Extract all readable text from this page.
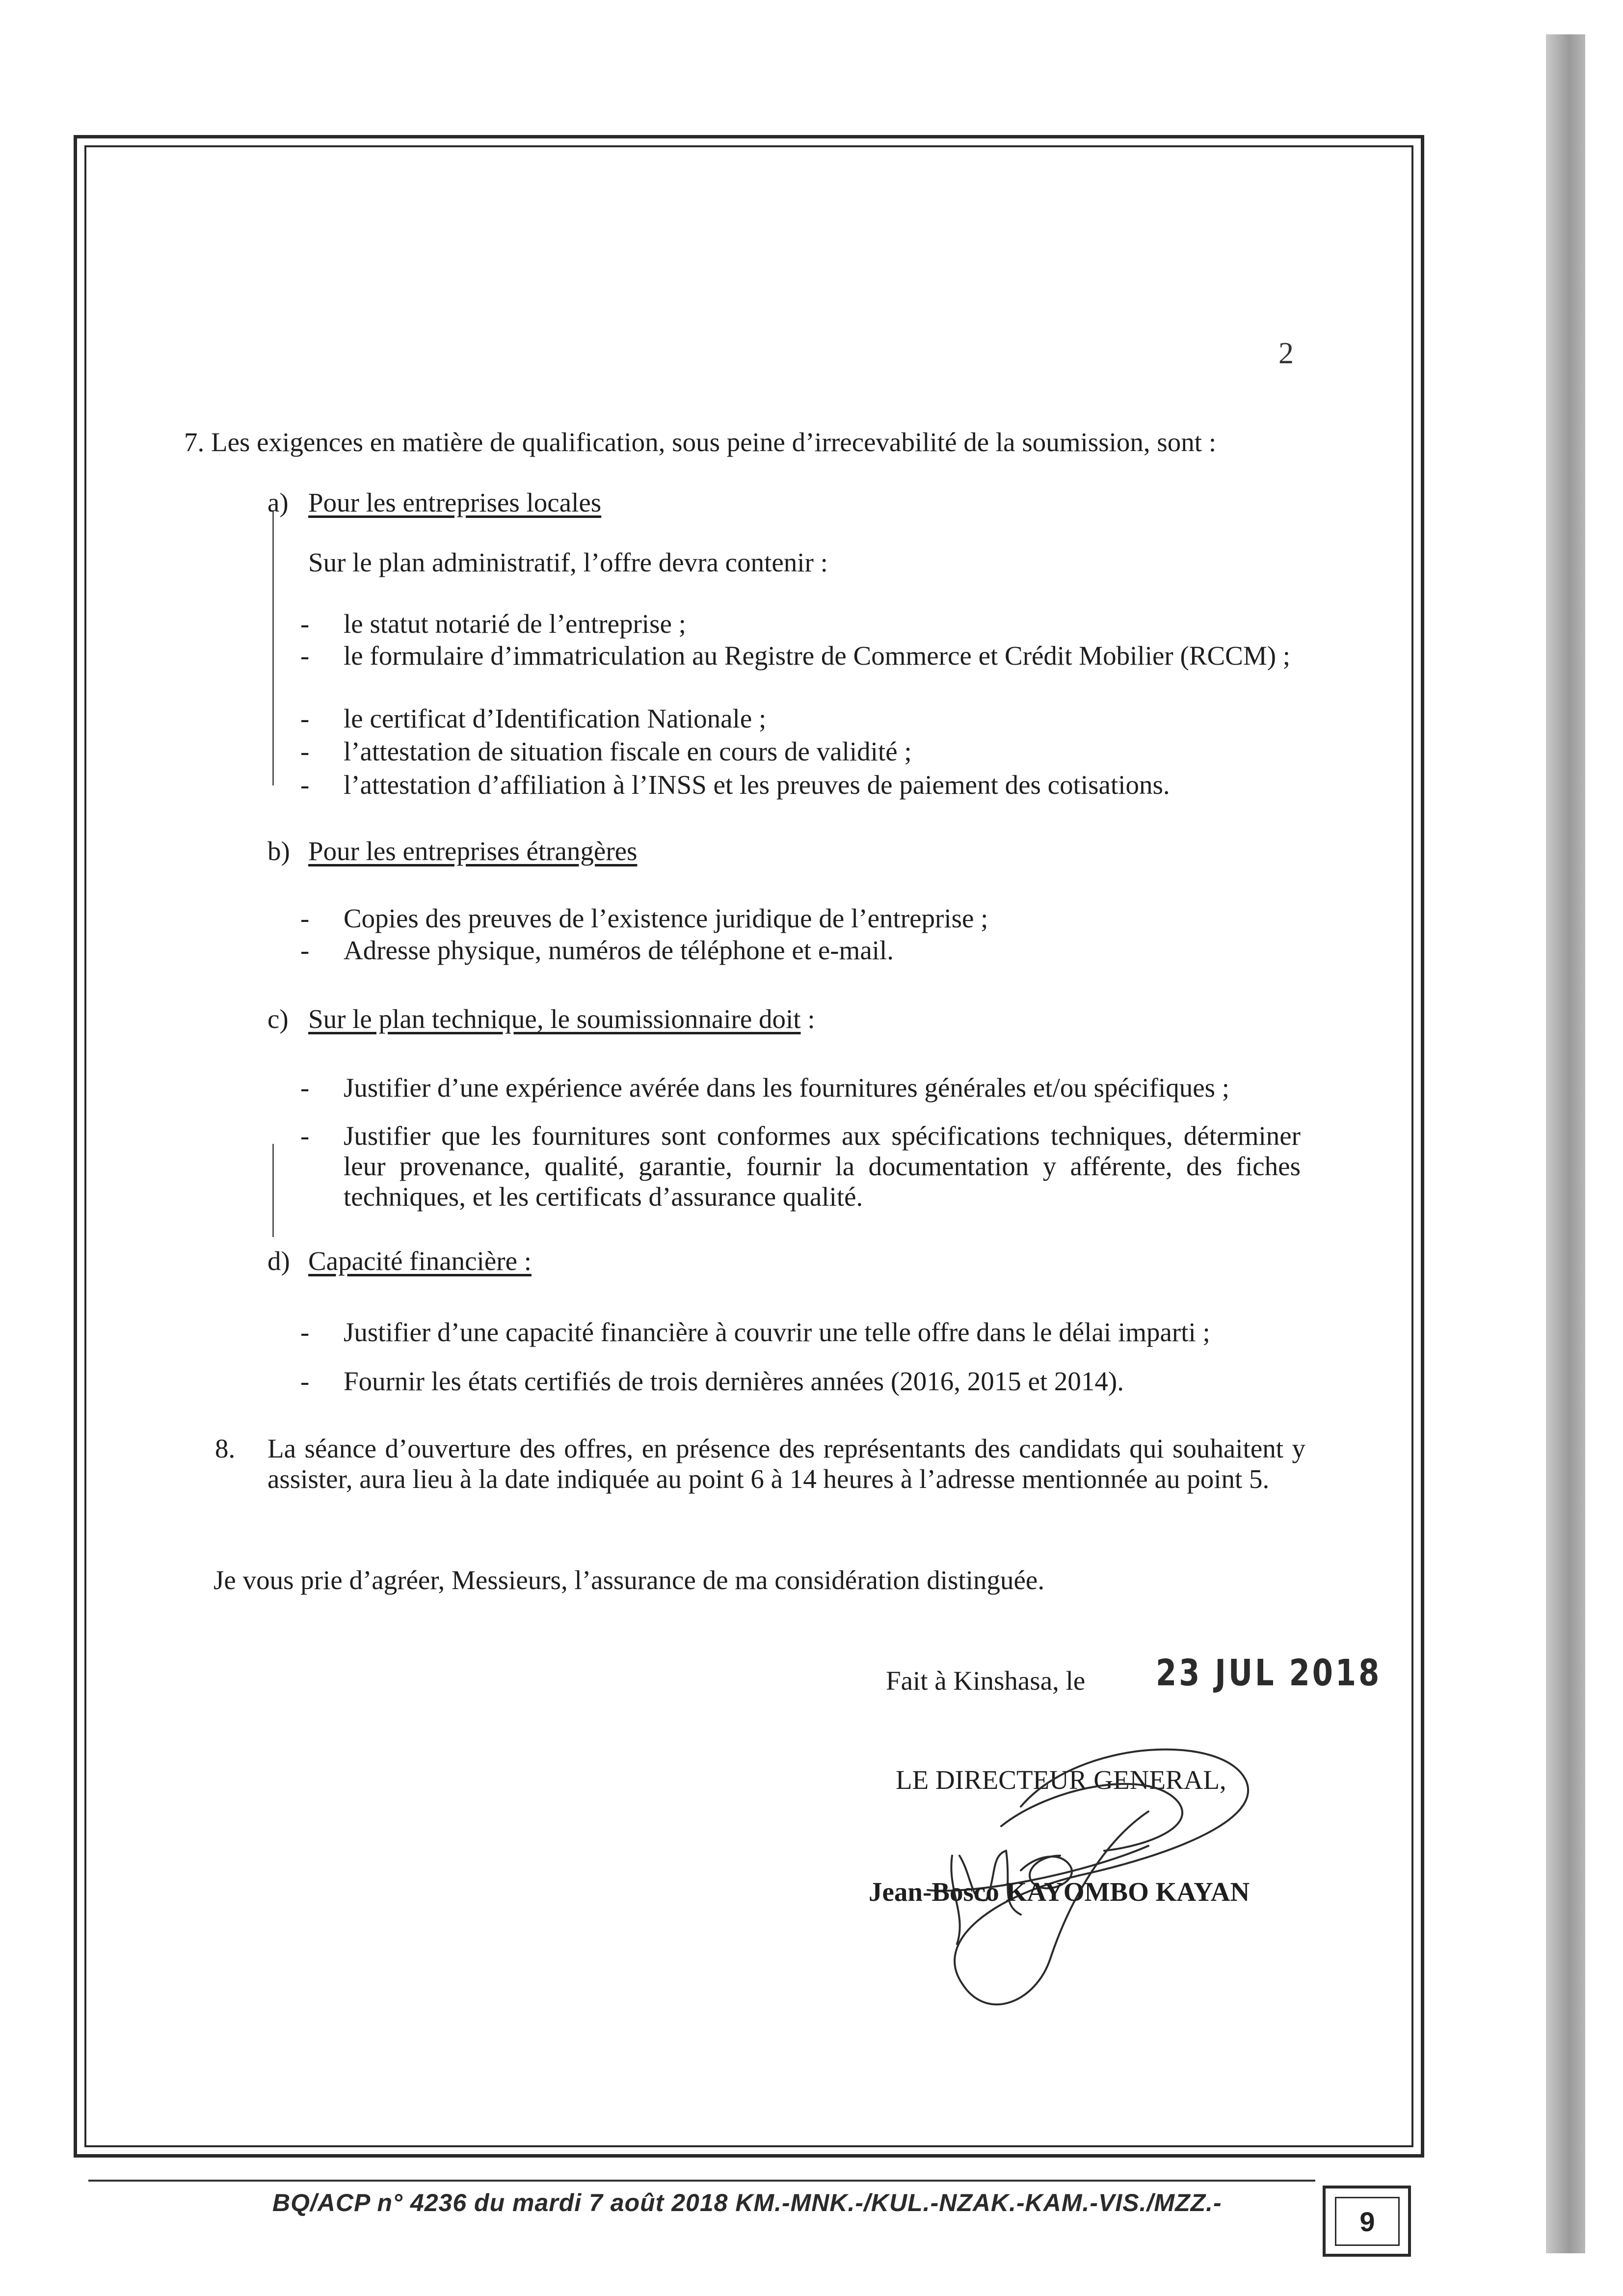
2
7. Les exigences en matière de qualification, sous peine d’irrecevabilité de la soumission, sont :
a) Pour les entreprises locales
Sur le plan administratif, l’offre devra contenir :
- le statut notarié de l’entreprise ;
- le formulaire d’immatriculation au Registre de Commerce et Crédit Mobilier (RCCM) ;
- le certificat d’Identification Nationale ;
- l’attestation de situation fiscale en cours de validité ;
- l’attestation d’affiliation à l’INSS et les preuves de paiement des cotisations.
b) Pour les entreprises étrangères
- Copies des preuves de l’existence juridique de l’entreprise ;
- Adresse physique, numéros de téléphone et e-mail.
c) Sur le plan technique, le soumissionnaire doit :
- Justifier d’une expérience avérée dans les fournitures générales et/ou spécifiques ;
- Justifier que les fournitures sont conformes aux spécifications techniques, déterminer leur provenance, qualité, garantie, fournir la documentation y afférente, des fiches techniques, et les certificats d’assurance qualité.
d) Capacité financière :
- Justifier d’une capacité financière à couvrir une telle offre dans le délai imparti ;
- Fournir les états certifiés de trois dernières années (2016, 2015 et 2014).
8. La séance d’ouverture des offres, en présence des représentants des candidats qui souhaitent y assister, aura lieu à la date indiquée au point 6 à 14 heures à l’adresse mentionnée au point 5.
Je vous prie d’agréer, Messieurs, l’assurance de ma considération distinguée.
Fait à Kinshasa, le 23 JUL 2018
LE DIRECTEUR GENERAL,
Jean-Bosco KAYOMBO KAYAN
BQ/ACP n° 4236 du mardi 7 août 2018 KM.-MNK.-/KUL.-NZAK.-KAM.-VIS./MZZ.-
9
